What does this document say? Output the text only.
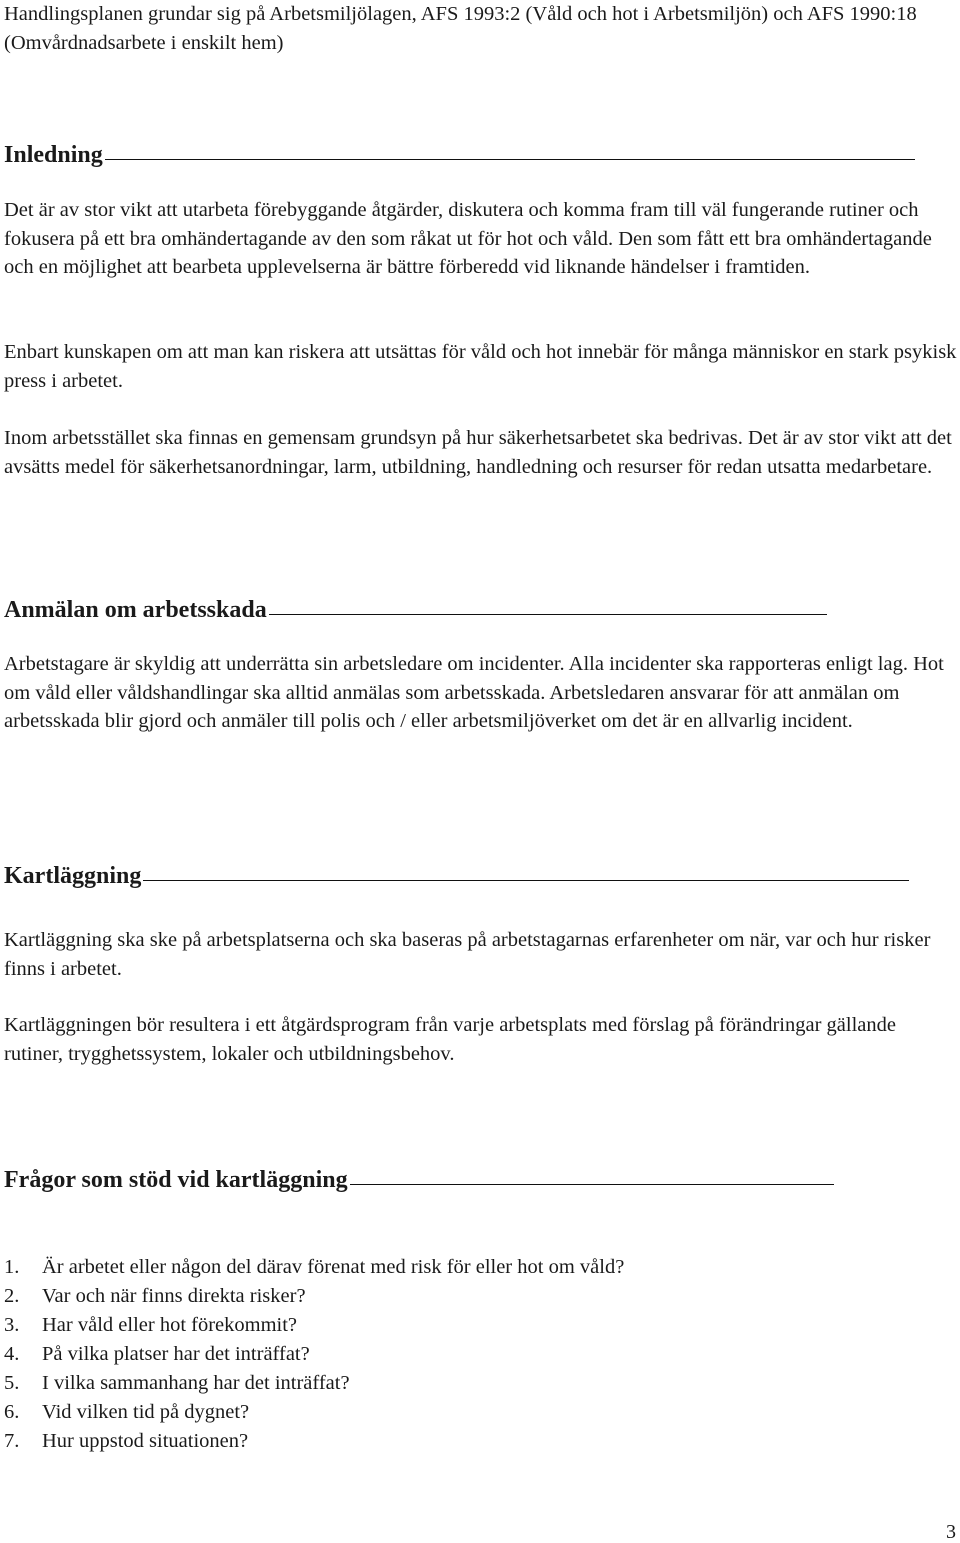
Handlingsplanen grundar sig på Arbetsmiljölagen, AFS 1993:2 (Våld och hot i Arbetsmiljön) och AFS 1990:18 (Omvårdnadsarbete i enskilt hem)

Inledning

Det är av stor vikt att utarbeta förebyggande åtgärder, diskutera och komma fram till väl fungerande rutiner och fokusera på ett bra omhändertagande av den som råkat ut för hot och våld. Den som fått ett bra omhändertagande och en möjlighet att bearbeta upplevelserna är bättre förberedd vid liknande händelser i framtiden.

Enbart kunskapen om att man kan riskera att utsättas för våld och hot innebär för många människor en stark psykisk press i arbetet.

Inom arbetsstället ska finnas en gemensam grundsyn på hur säkerhetsarbetet ska bedrivas. Det är av stor vikt att det avsätts medel för säkerhetsanordningar, larm, utbildning, handledning och resurser för redan utsatta medarbetare.

Anmälan om arbetsskada

Arbetstagare är skyldig att underrätta sin arbetsledare om incidenter. Alla incidenter ska rapporteras enligt lag. Hot om våld eller våldshandlingar ska alltid anmälas som arbetsskada. Arbetsledaren ansvarar för att anmälan om arbetsskada blir gjord och anmäler till polis och / eller arbetsmiljöverket om det är en allvarlig incident.

Kartläggning

Kartläggning ska ske på arbetsplatserna och ska baseras på arbetstagarnas erfarenheter om när, var och hur risker finns i arbetet.

Kartläggningen bör resultera i ett åtgärdsprogram från varje arbetsplats med förslag på förändringar gällande rutiner, trygghetssystem, lokaler och utbildningsbehov.

Frågor som stöd vid kartläggning
1.	Är arbetet eller någon del därav förenat med risk för eller hot om våld?
2.	Var och när finns direkta risker?
3.	Har våld eller hot förekommit?
4.	På vilka platser har det inträffat?
5.	I vilka sammanhang har det inträffat?
6.	Vid vilken tid på dygnet?
7.	Hur uppstod situationen?
3
